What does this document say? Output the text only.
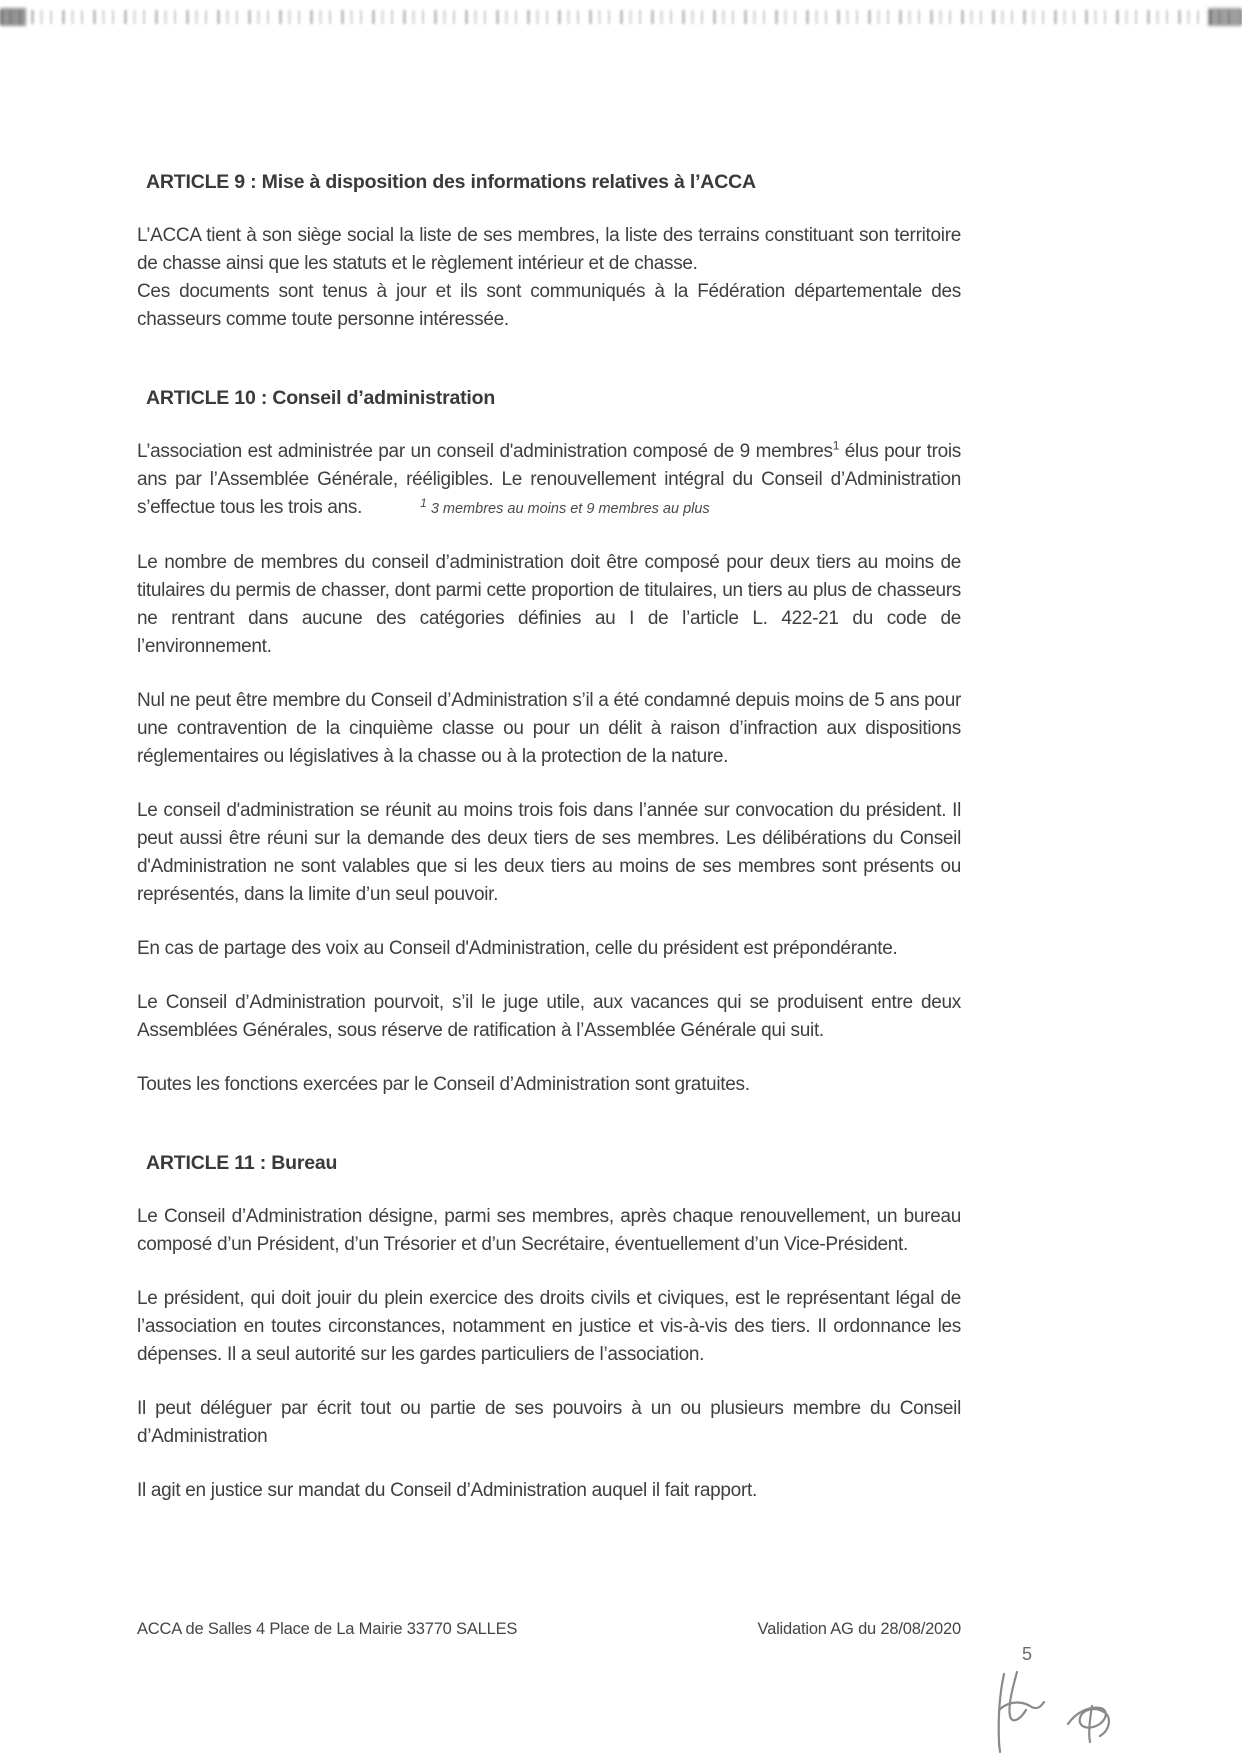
ARTICLE 9 : Mise à disposition des informations relatives à l’ACCA

L’ACCA tient à son siège social la liste de ses membres, la liste des terrains constituant son territoire de chasse ainsi que les statuts et le règlement intérieur et de chasse.

Ces documents sont tenus à jour et ils sont communiqués à la Fédération départementale des chasseurs comme toute personne intéressée.

ARTICLE 10 : Conseil d’administration

L’association est administrée par un conseil d'administration composé de 9 membres$^1$ élus pour trois ans par l’Assemblée Générale, rééligibles. Le renouvellement intégral du Conseil d’Administration s’effectue tous les trois ans.	$^1$ 3 membres au moins et 9 membres au plus

Le nombre de membres du conseil d’administration doit être composé pour deux tiers au moins de titulaires du permis de chasser, dont parmi cette proportion de titulaires, un tiers au plus de chasseurs ne rentrant dans aucune des catégories définies au I de l’article L. 422-21 du code de l’environnement.

Nul ne peut être membre du Conseil d’Administration s’il a été condamné depuis moins de 5 ans pour une contravention de la cinquième classe ou pour un délit à raison d’infraction aux dispositions réglementaires ou législatives à la chasse ou à la protection de la nature.

Le conseil d'administration se réunit au moins trois fois dans l’année sur convocation du président. Il peut aussi être réuni sur la demande des deux tiers de ses membres. Les délibérations du Conseil d'Administration ne sont valables que si les deux tiers au moins de ses membres sont présents ou représentés, dans la limite d’un seul pouvoir.

En cas de partage des voix au Conseil d'Administration, celle du président est prépondérante.

Le Conseil d’Administration pourvoit, s’il le juge utile, aux vacances qui se produisent entre deux Assemblées Générales, sous réserve de ratification à l’Assemblée Générale qui suit.

Toutes les fonctions exercées par le Conseil d’Administration sont gratuites.

ARTICLE 11 : Bureau

Le Conseil d’Administration désigne, parmi ses membres, après chaque renouvellement, un bureau composé d’un Président, d’un Trésorier et d’un Secrétaire, éventuellement d’un Vice-Président.

Le président, qui doit jouir du plein exercice des droits civils et civiques, est le représentant légal de l’association en toutes circonstances, notamment en justice et vis-à-vis des tiers. Il ordonnance les dépenses. Il a seul autorité sur les gardes particuliers de l’association.

Il peut déléguer par écrit tout ou partie de ses pouvoirs à un ou plusieurs membre du Conseil d’Administration

Il agit en justice sur mandat du Conseil d’Administration auquel il fait rapport.

ACCA de Salles 4 Place de La Mairie 33770 SALLES	Validation AG du 28/08/2020
5
